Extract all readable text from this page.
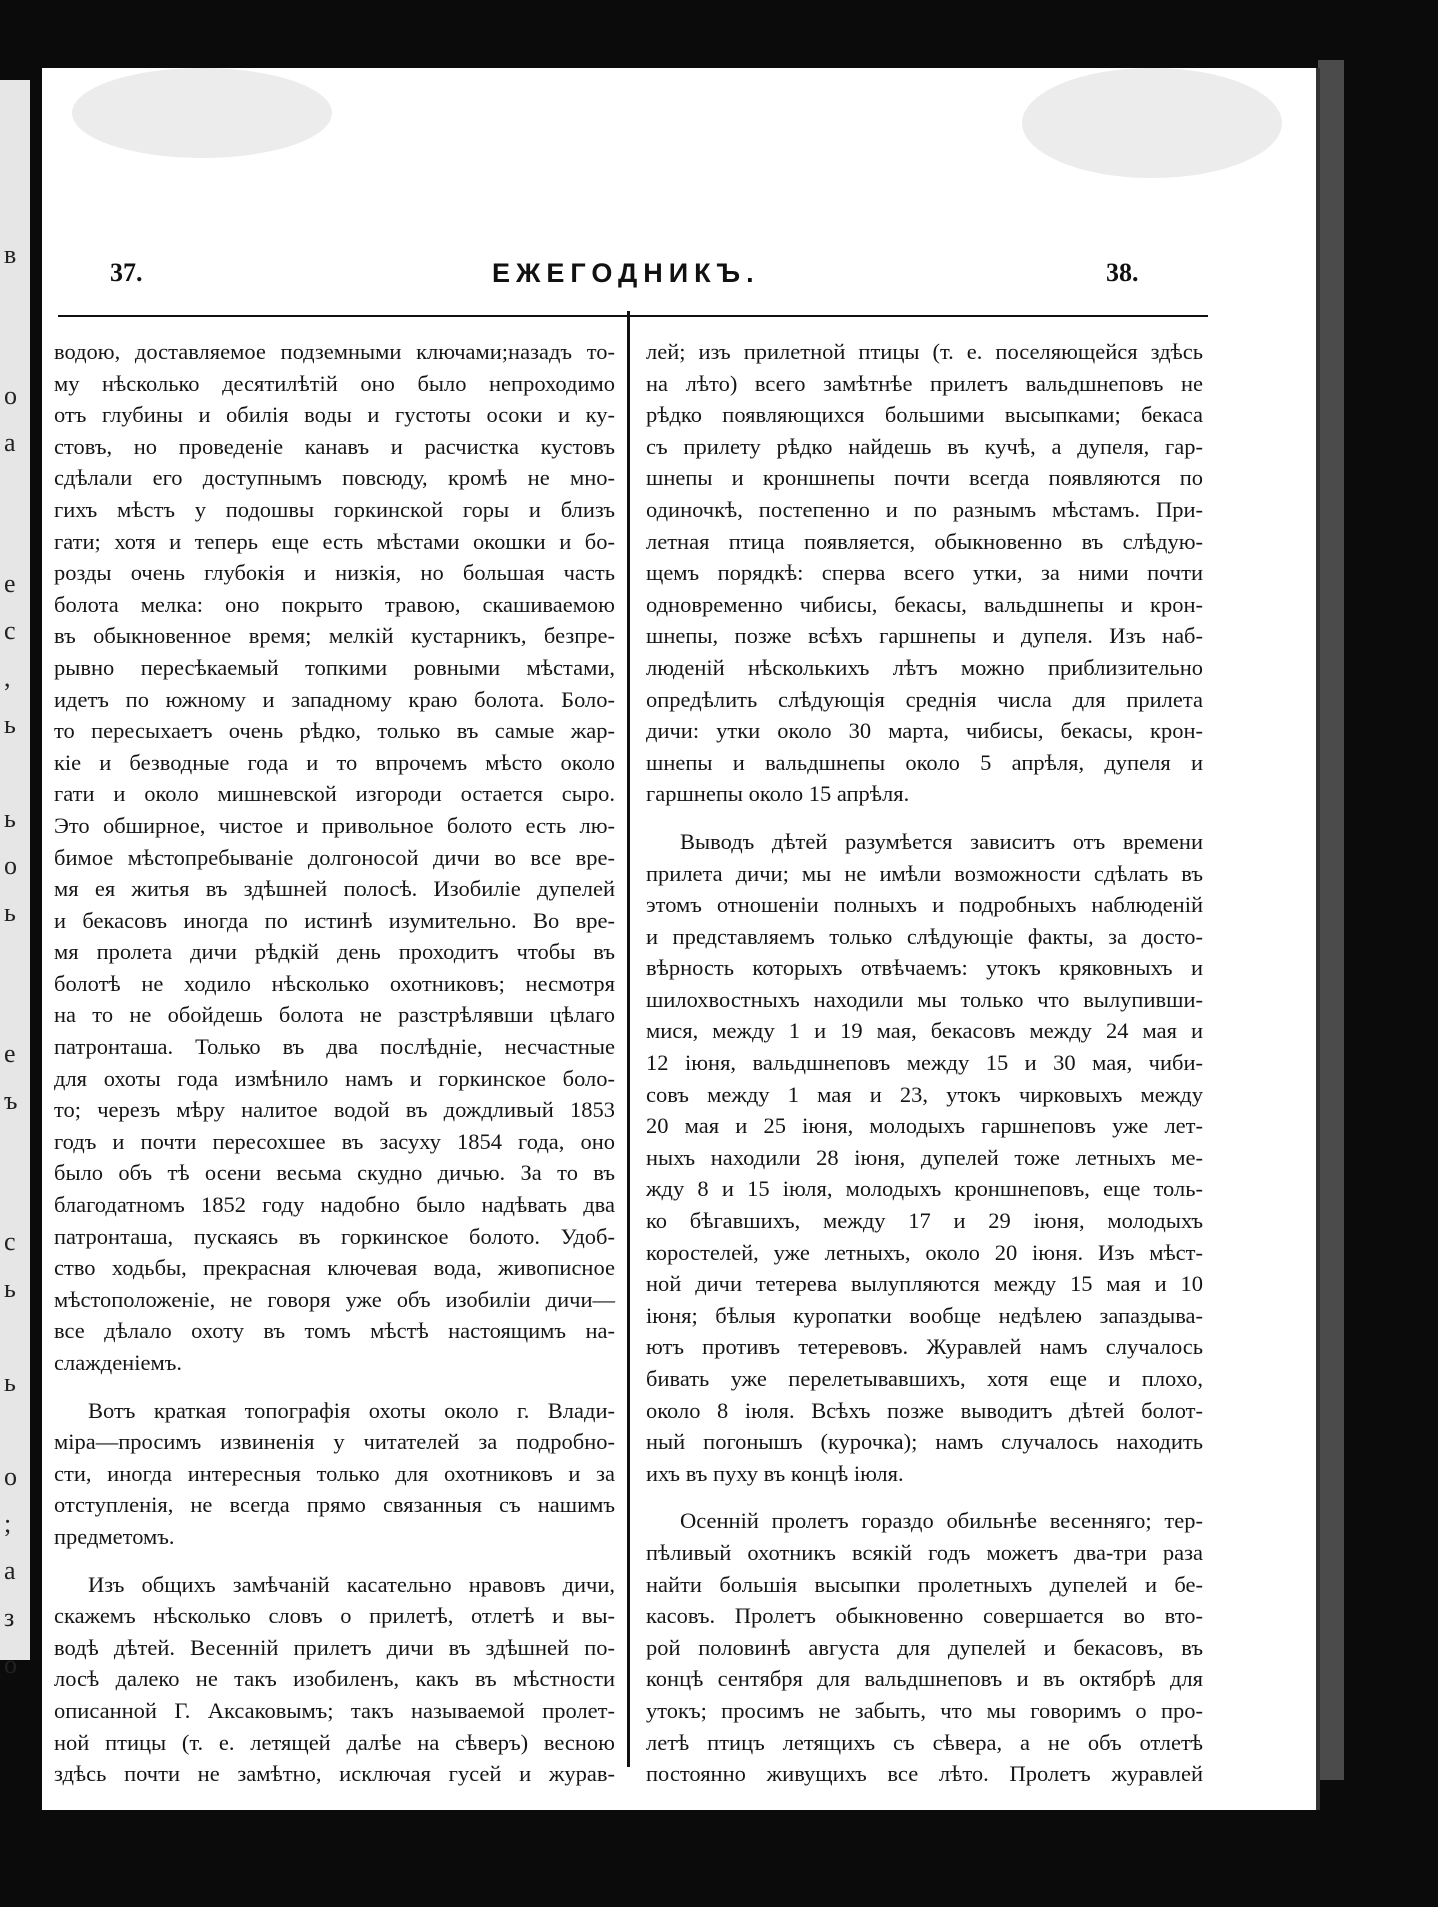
в
о
а
е
с
,
ь
ь
о
ь
е
ъ
с
ь
ь
о
;
а
з
о
37.	ЕЖЕГОДНИКЪ.	38.
водою, доставляемое подземными ключами;назадъ то-
му нѣсколько десятилѣтій оно было непроходимо
отъ глубины и обилія воды и густоты осоки и ку-
стовъ, но проведеніе канавъ и расчистка кустовъ
сдѣлали его доступнымъ повсюду, кромѣ не мно-
гихъ мѣстъ у подошвы горкинской горы и близъ
гати; хотя и теперь еще есть мѣстами окошки и бо-
розды очень глубокія и низкія, но большая часть
болота мелка: оно покрыто травою, скашиваемою
въ обыкновенное время; мелкій кустарникъ, безпре-
рывно пересѣкаемый топкими ровными мѣстами,
идетъ по южному и западному краю болота. Боло-
то пересыхаетъ очень рѣдко, только въ самые жар-
кіе и безводные года и то впрочемъ мѣсто около
гати и около мишневской изгороди остается сыро.
Это обширное, чистое и привольное болото есть лю-
бимое мѣстопребываніе долгоносой дичи во все вре-
мя ея житья въ здѣшней полосѣ. Изобиліе дупелей
и бекасовъ иногда по истинѣ изумительно. Во вре-
мя пролета дичи рѣдкій день проходитъ чтобы въ
болотѣ не ходило нѣсколько охотниковъ; несмотря
на то не обойдешь болота не разстрѣлявши цѣлаго
патронташа. Только въ два послѣдніе, несчастные
для охоты года измѣнило намъ и горкинское боло-
то; черезъ мѣру налитое водой въ дождливый 1853
годъ и почти пересохшее въ засуху 1854 года, оно
было объ тѣ осени весьма скудно дичью. За то въ
благодатномъ 1852 году надобно было надѣвать два
патронташа, пускаясь въ горкинское болото. Удоб-
ство ходьбы, прекрасная ключевая вода, живописное
мѣстоположеніе, не говоря уже объ изобиліи дичи—
все дѣлало охоту въ томъ мѣстѣ настоящимъ на-
слажденіемъ.
Вотъ краткая топографія охоты около г. Влади-
міра—просимъ извиненія у читателей за подробно-
сти, иногда интересныя только для охотниковъ и за
отступленія, не всегда прямо связанныя съ нашимъ
предметомъ.
Изъ общихъ замѣчаній касательно нравовъ дичи,
скажемъ нѣсколько словъ о прилетѣ, отлетѣ и вы-
водѣ дѣтей. Весенній прилетъ дичи въ здѣшней по-
лосѣ далеко не такъ изобиленъ, какъ въ мѣстности
описанной Г. Аксаковымъ; такъ называемой пролет-
ной птицы (т. е. летящей далѣе на сѣверъ) весною
здѣсь почти не замѣтно, исключая гусей и журав-
лей; изъ прилетной птицы (т. е. поселяющейся здѣсь
на лѣто) всего замѣтнѣе прилетъ вальдшнеповъ не
рѣдко появляющихся большими высыпками; бекаса
съ прилету рѣдко найдешь въ кучѣ, а дупеля, гар-
шнепы и кроншнепы почти всегда появляются по
одиночкѣ, постепенно и по разнымъ мѣстамъ. При-
летная птица появляется, обыкновенно въ слѣдую-
щемъ порядкѣ: сперва всего утки, за ними почти
одновременно чибисы, бекасы, вальдшнепы и крон-
шнепы, позже всѣхъ гаршнепы и дупеля. Изъ наб-
люденій нѣсколькихъ лѣтъ можно приблизительно
опредѣлить слѣдующія среднія числа для прилета
дичи: утки около 30 марта, чибисы, бекасы, крон-
шнепы и вальдшнепы около 5 апрѣля, дупеля и
гаршнепы около 15 апрѣля.
Выводъ дѣтей разумѣется зависитъ отъ времени
прилета дичи; мы не имѣли возможности сдѣлать въ
этомъ отношеніи полныхъ и подробныхъ наблюденій
и представляемъ только слѣдующіе факты, за досто-
вѣрность которыхъ отвѣчаемъ: утокъ кряковныхъ и
шилохвостныхъ находили мы только что вылупивши-
мися, между 1 и 19 мая, бекасовъ между 24 мая и
12 іюня, вальдшнеповъ между 15 и 30 мая, чиби-
совъ между 1 мая и 23, утокъ чирковыхъ между
20 мая и 25 іюня, молодыхъ гаршнеповъ уже лет-
ныхъ находили 28 іюня, дупелей тоже летныхъ ме-
жду 8 и 15 іюля, молодыхъ кроншнеповъ, еще толь-
ко бѣгавшихъ, между 17 и 29 іюня, молодыхъ
коростелей, уже летныхъ, около 20 іюня. Изъ мѣст-
ной дичи тетерева вылупляются между 15 мая и 10
іюня; бѣлыя куропатки вообще недѣлею запаздыва-
ютъ противъ тетеревовъ. Журавлей намъ случалось
бивать уже перелетывавшихъ, хотя еще и плохо,
около 8 іюля. Всѣхъ позже выводитъ дѣтей болот-
ный погонышъ (курочка); намъ случалось находить
ихъ въ пуху въ концѣ іюля.
Осенній пролетъ гораздо обильнѣе весенняго; тер-
пѣливый охотникъ всякій годъ можетъ два-три раза
найти большія высыпки пролетныхъ дупелей и бе-
касовъ. Пролетъ обыкновенно совершается во вто-
рой половинѣ августа для дупелей и бекасовъ, въ
концѣ сентября для вальдшнеповъ и въ октябрѣ для
утокъ; просимъ не забыть, что мы говоримъ о про-
летѣ птицъ летящихъ съ сѣвера, а не объ отлетѣ
постоянно живущихъ все лѣто. Пролетъ журавлей
